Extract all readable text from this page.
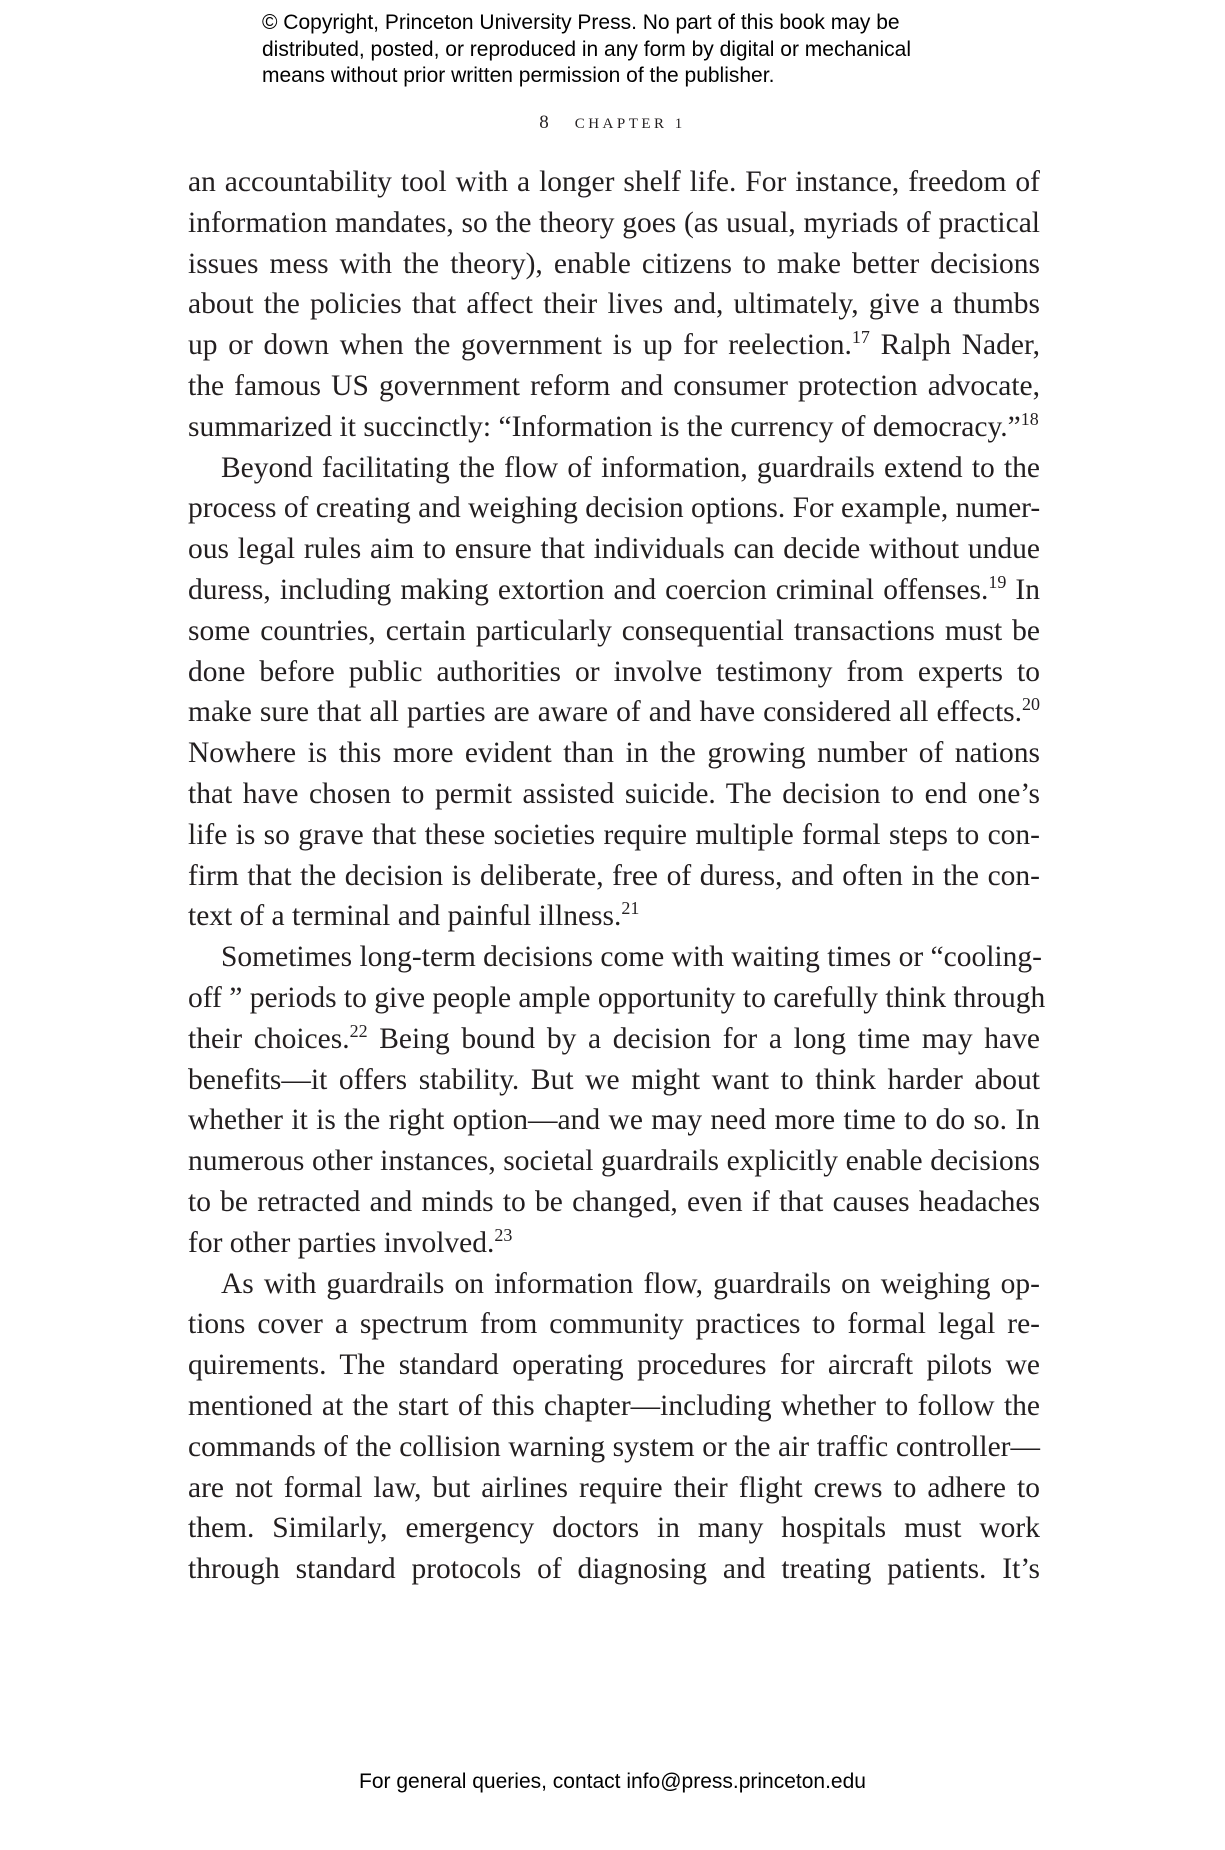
© Copyright, Princeton University Press. No part of this book may be
distributed, posted, or reproduced in any form by digital or mechanical
means without prior written permission of the publisher.
8 CHAPTER 1
an accountability tool with a longer shelf life. For instance, freedom of
information mandates, so the theory goes (as usual, myriads of practical
issues mess with the theory), enable citizens to make better decisions
about the policies that affect their lives and, ultimately, give a thumbs
up or down when the government is up for reelection.$^{17}$ Ralph Nader,
the famous US government reform and consumer protection advocate,
summarized it succinctly: “Information is the currency of democracy.”$^{18}$
Beyond facilitating the flow of information, guardrails extend to the
process of creating and weighing decision options. For example, numer-
ous legal rules aim to ensure that individuals can decide without undue
duress, including making extortion and coercion criminal offenses.$^{19}$ In
some countries, certain particularly consequential transactions must be
done before public authorities or involve testimony from experts to
make sure that all parties are aware of and have considered all effects.$^{20}$
Nowhere is this more evident than in the growing number of nations
that have chosen to permit assisted suicide. The decision to end one’s
life is so grave that these societies require multiple formal steps to con-
firm that the decision is deliberate, free of duress, and often in the con-
text of a terminal and painful illness.$^{21}$
Sometimes long-term decisions come with waiting times or “cooling-
off ” periods to give people ample opportunity to carefully think through
their choices.$^{22}$ Being bound by a decision for a long time may have
benefits—it offers stability. But we might want to think harder about
whether it is the right option—and we may need more time to do so. In
numerous other instances, societal guardrails explicitly enable decisions
to be retracted and minds to be changed, even if that causes headaches
for other parties involved.$^{23}$
As with guardrails on information flow, guardrails on weighing op-
tions cover a spectrum from community practices to formal legal re-
quirements. The standard operating procedures for aircraft pilots we
mentioned at the start of this chapter—including whether to follow the
commands of the collision warning system or the air traffic controller—
are not formal law, but airlines require their flight crews to adhere to
them. Similarly, emergency doctors in many hospitals must work
through standard protocols of diagnosing and treating patients. It’s
For general queries, contact info@press.princeton.edu
